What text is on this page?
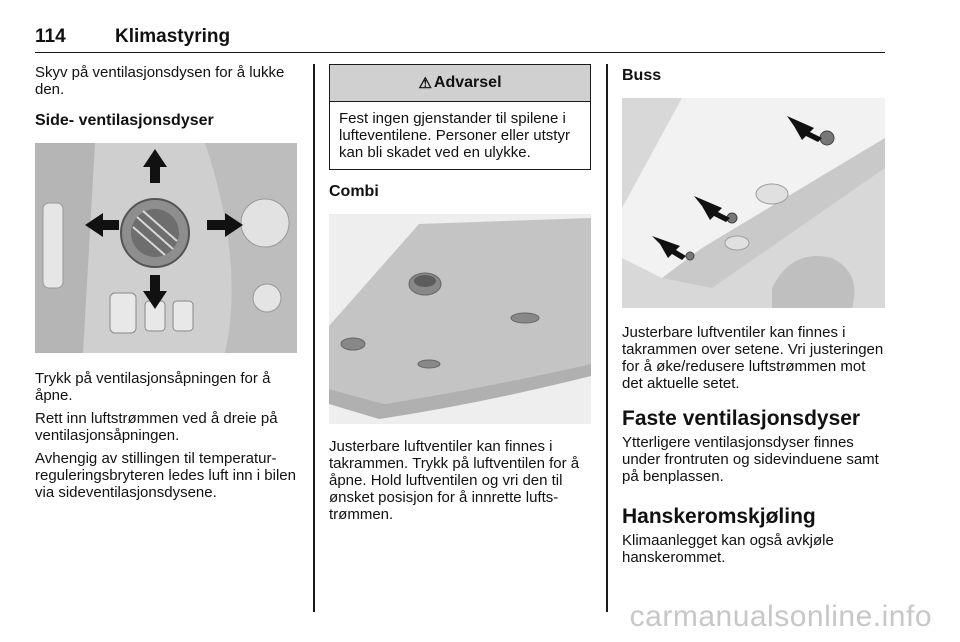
114	Klimastyring

Skyv på ventilasjonsdysen for å lukke den.

Side- ventilasjonsdyser

Trykk på ventilasjonsåpningen for å åpne.

Rett inn luftstrømmen ved å dreie på ventilasjonsåpningen.

Avhengig av stillingen til temperaturreguleringsbryteren ledes luft inn i bilen via sideventilasjonsdysene.

⚠ Advarsel

Fest ingen gjenstander til spilene i lufteventilene. Personer eller utstyr kan bli skadet ved en ulykke.

Combi

Justerbare luftventiler kan finnes i takrammen. Trykk på luftventilen for å åpne. Hold luftventilen og vri den til ønsket posisjon for å innrette luftstrømmen.

Buss

Justerbare luftventiler kan finnes i takrammen over setene. Vri justeringen for å øke/redusere luftstrømmen mot det aktuelle setet.

Faste ventilasjonsdyser

Ytterligere ventilasjonsdyser finnes under frontruten og sidevinduene samt på benplassen.

Hanskeromskjøling

Klimaanlegget kan også avkjøle hanskerommet.

carmanualsonline.info
